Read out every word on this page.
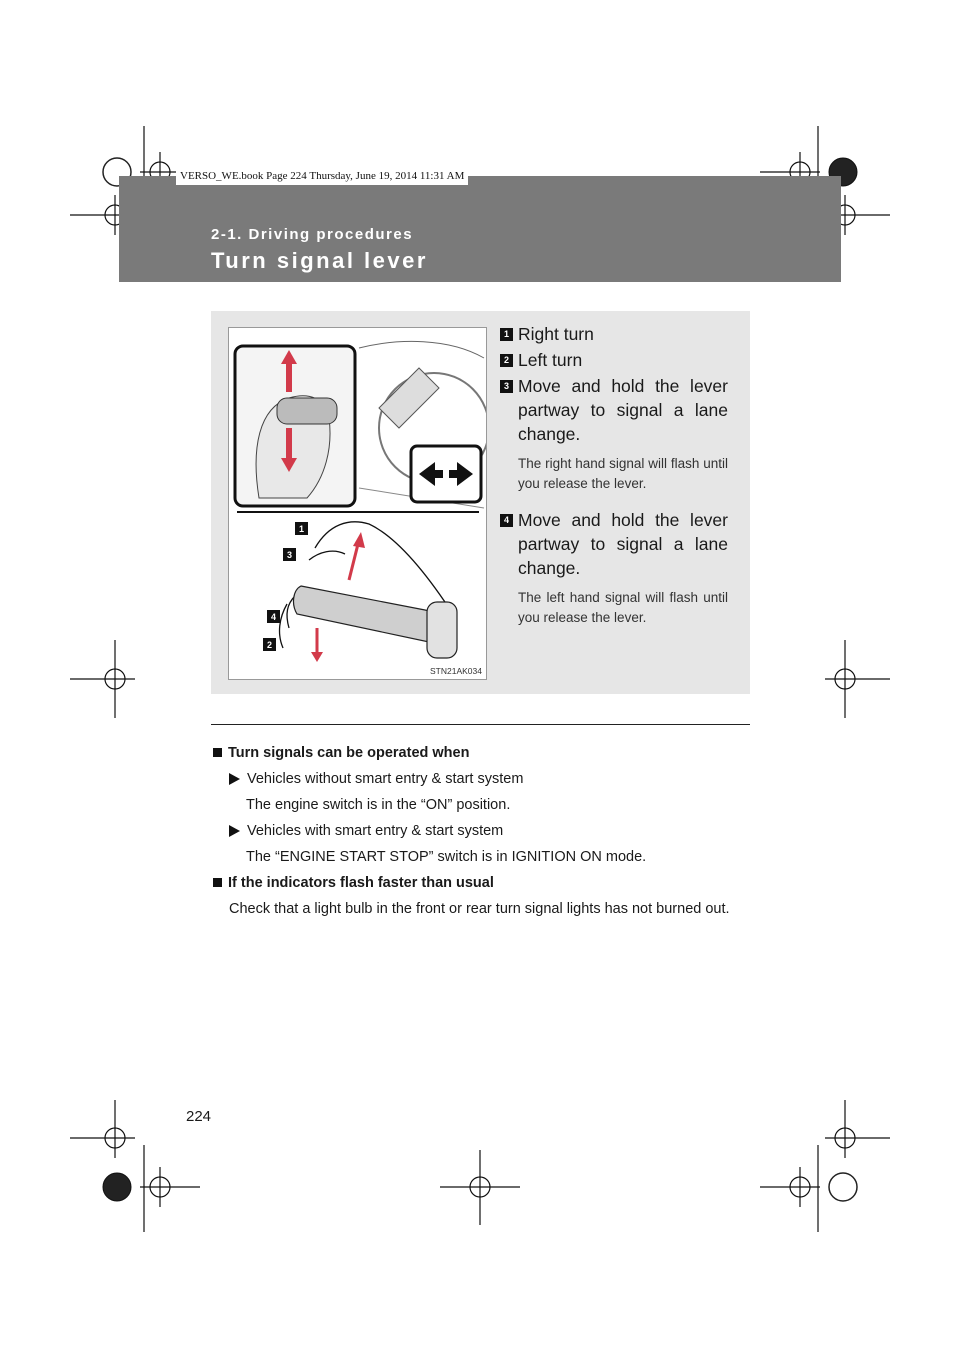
2-1. Driving procedures
Turn signal lever
VERSO_WE.book Page 224 Thursday, June 19, 2014 11:31 AM
1
3
4
2
STN21AK034
1 Right turn
2 Left turn
3 Move and hold the lever partway to signal a lane change.
The right hand signal will flash until you release the lever.
4 Move and hold the lever partway to signal a lane change.
The left hand signal will flash until you release the lever.
Turn signals can be operated when
Vehicles without smart entry & start system
The engine switch is in the “ON” position.
Vehicles with smart entry & start system
The “ENGINE START STOP” switch is in IGNITION ON mode.
If the indicators flash faster than usual
Check that a light bulb in the front or rear turn signal lights has not burned out.
224
